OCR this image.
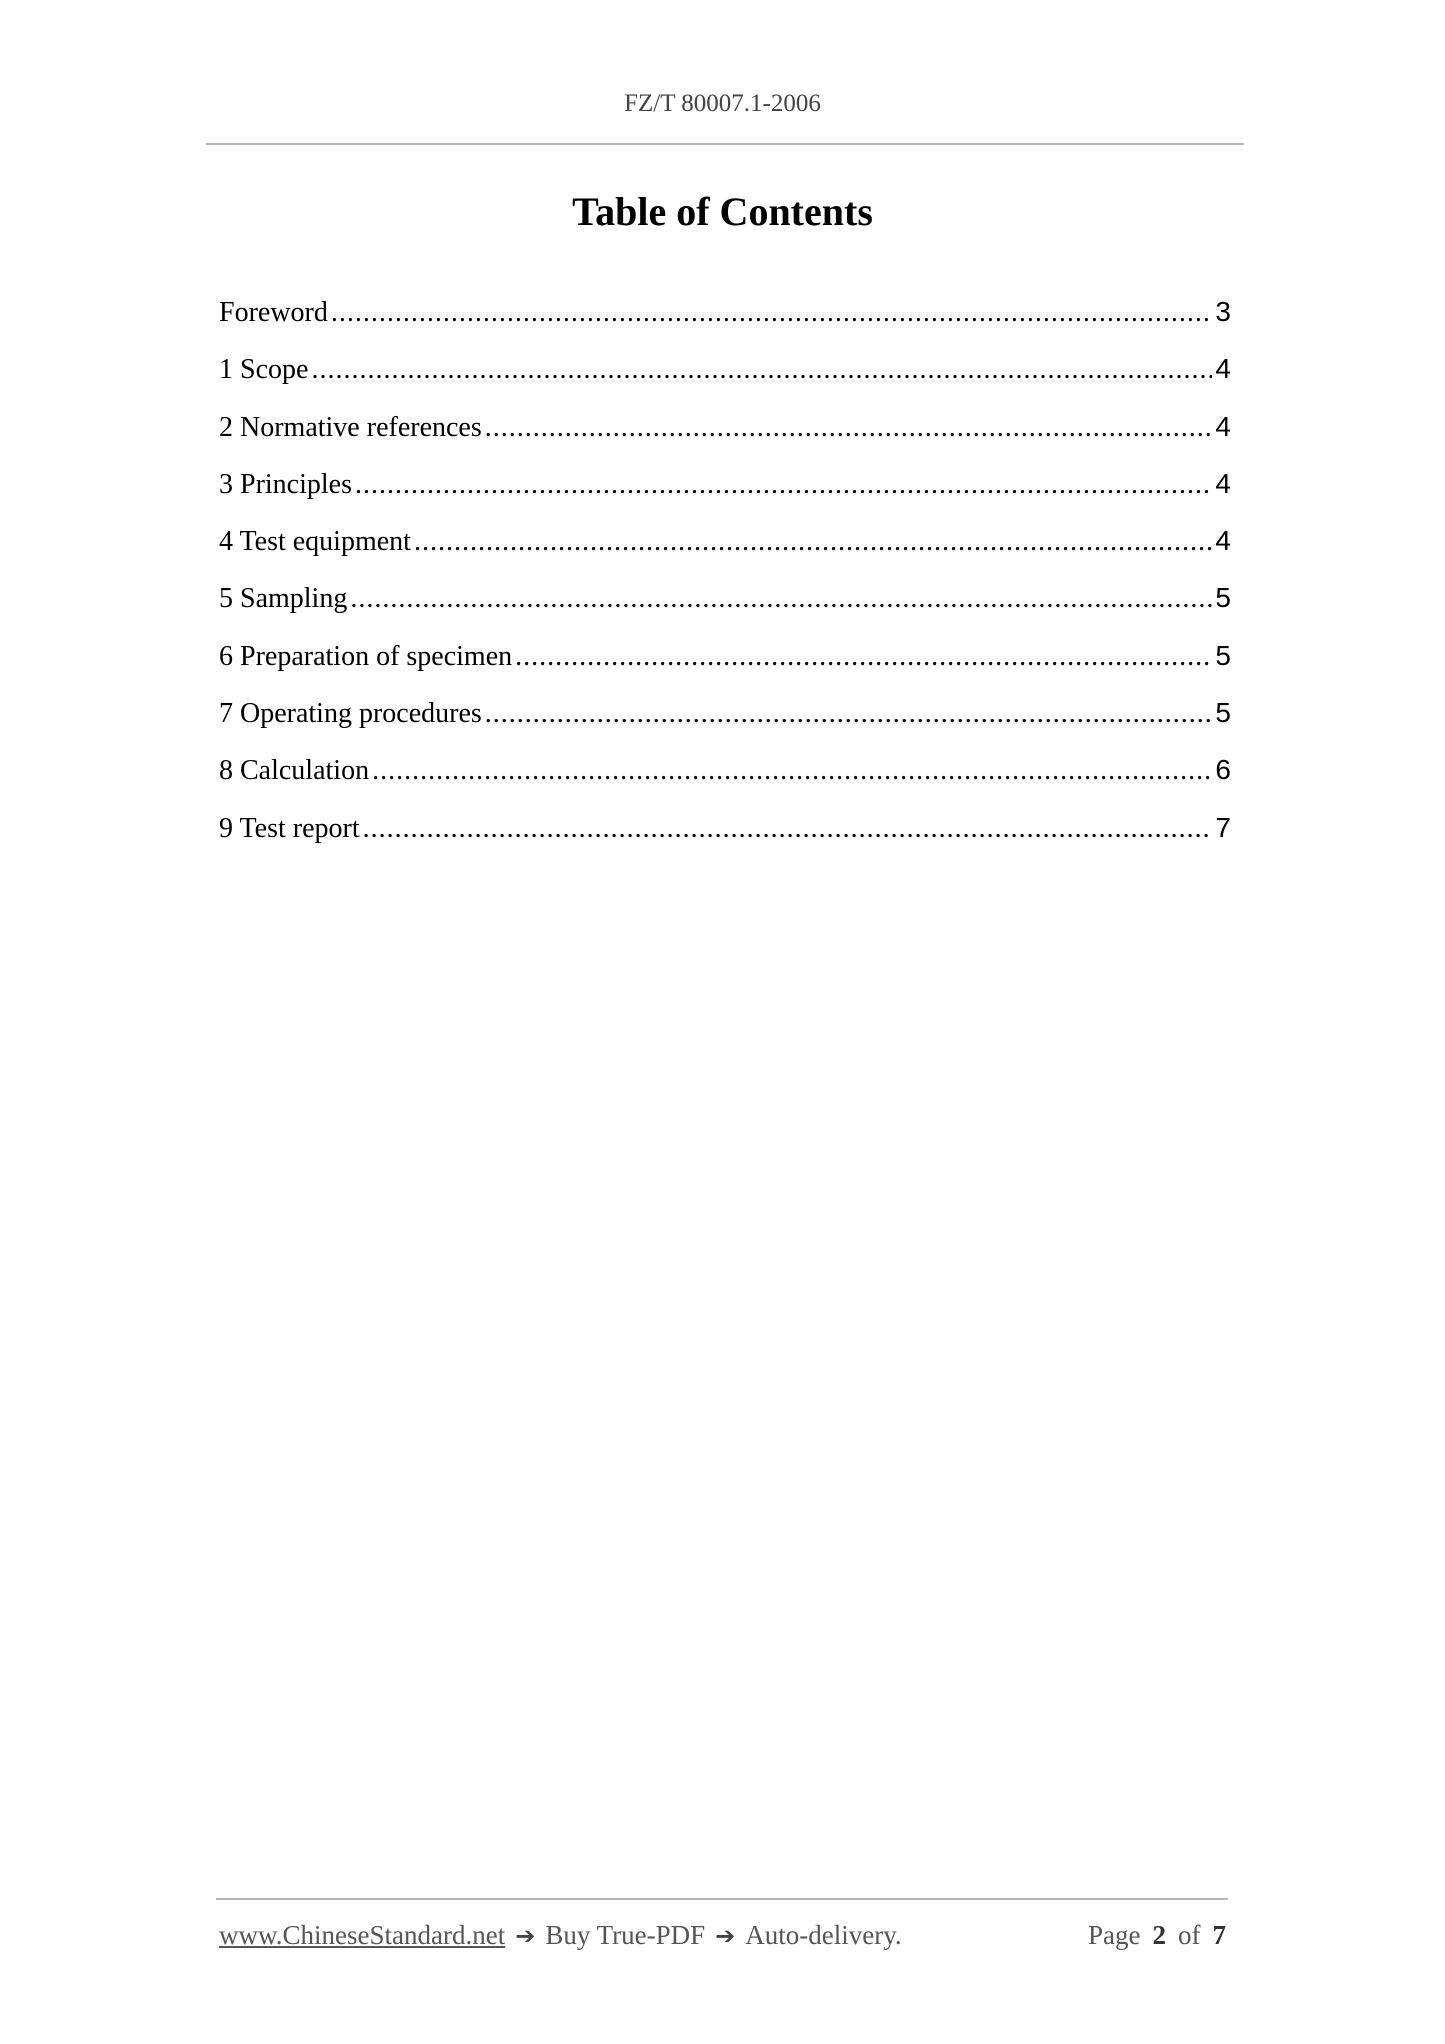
FZ/T 80007.1-2006
Table of Contents
Foreword .....	3
1 Scope .....	4
2 Normative references .....	4
3 Principles .....	4
4 Test equipment .....	4
5 Sampling .....	5
6 Preparation of specimen .....	5
7 Operating procedures .....	5
8 Calculation .....	6
9 Test report .....	7
www.ChineseStandard.net ➔ Buy True-PDF ➔ Auto-delivery.	Page 2 of 7
